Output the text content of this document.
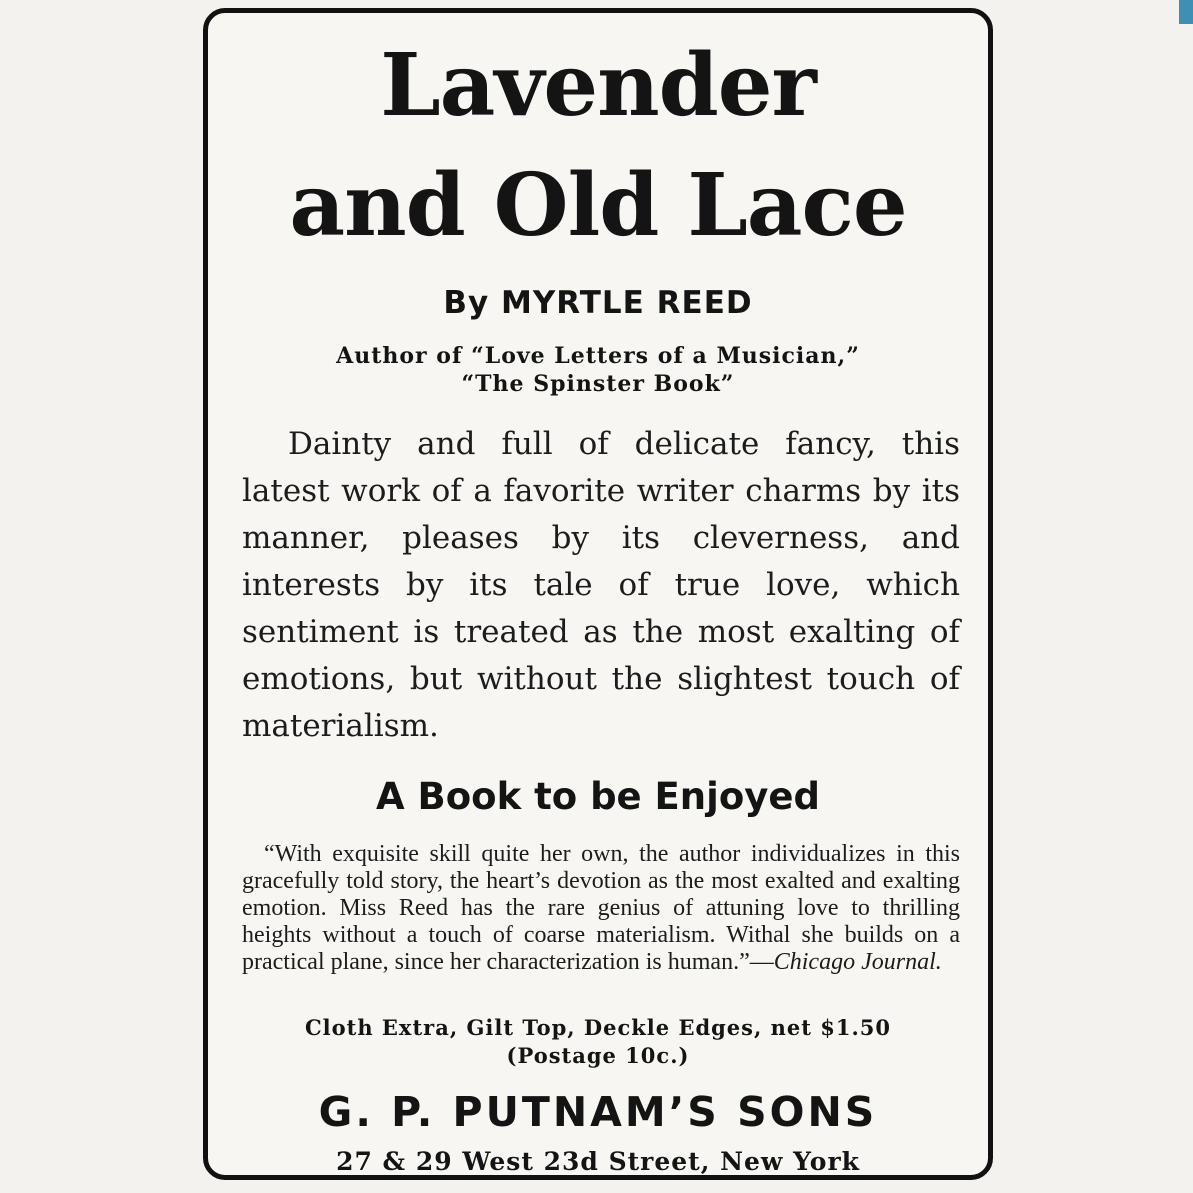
Lavender
and Old Lace
By MYRTLE REED
Author of “Love Letters of a Musician,”
“The Spinster Book”
Dainty and full of delicate fancy, this latest work of a favorite writer charms by its manner, pleases by its cleverness, and interests by its tale of true love, which sentiment is treated as the most exalting of emotions, but without the slightest touch of materialism.
A Book to be Enjoyed
“With exquisite skill quite her own, the author individualizes in this gracefully told story, the heart’s devotion as the most exalted and exalting emotion. Miss Reed has the rare genius of attuning love to thrilling heights without a touch of coarse materialism. Withal she builds on a practical plane, since her characterization is human.”—Chicago Journal.
Cloth Extra, Gilt Top, Deckle Edges, net $1.50
(Postage 10c.)
G. P. PUTNAM’S SONS
27 & 29 West 23d Street, New York
